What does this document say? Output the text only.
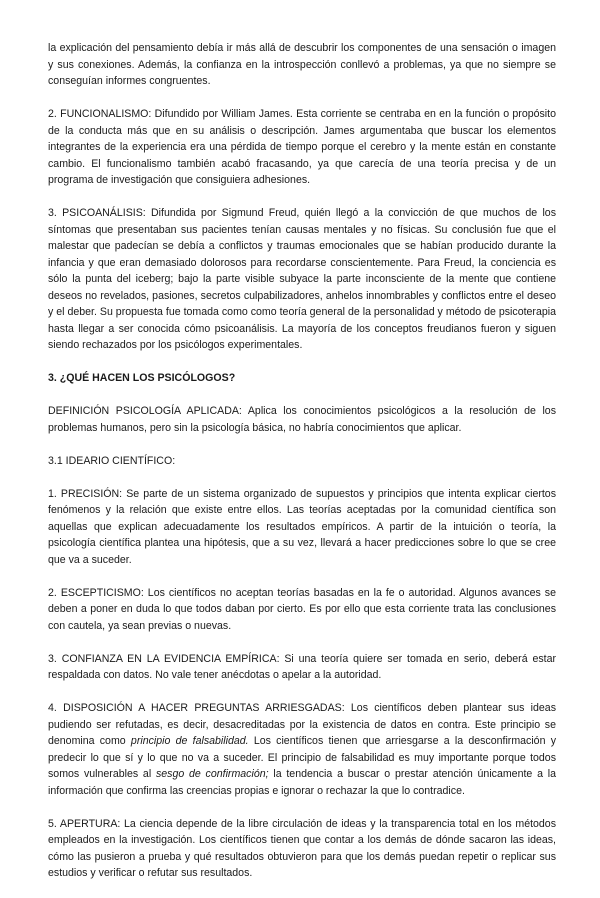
la explicación del pensamiento debía ir más allá de descubrir los componentes de una sensación o imagen y sus conexiones. Además, la confianza en la introspección conllevó a problemas, ya que no siempre se conseguían informes congruentes.

2. FUNCIONALISMO: Difundido por William James. Esta corriente se centraba en en la función o propósito de la conducta más que en su análisis o descripción. James argumentaba que buscar los elementos integrantes de la experiencia era una pérdida de tiempo porque el cerebro y la mente están en constante cambio. El funcionalismo también acabó fracasando, ya que carecía de una teoría precisa y de un programa de investigación que consiguiera adhesiones.

3. PSICOANÁLISIS: Difundida por Sigmund Freud, quién llegó a la convicción de que muchos de los síntomas que presentaban sus pacientes tenían causas mentales y no físicas. Su conclusión fue que el malestar que padecían se debía a conflictos y traumas emocionales que se habían producido durante la infancia y que eran demasiado dolorosos para recordarse conscientemente. Para Freud, la conciencia es sólo la punta del iceberg; bajo la parte visible subyace la parte inconsciente de la mente que contiene deseos no revelados, pasiones, secretos culpabilizadores, anhelos innombrables y conflictos entre el deseo y el deber. Su propuesta fue tomada como como teoría general de la personalidad y método de psicoterapia hasta llegar a ser conocida cómo psicoanálisis. La mayoría de los conceptos freudianos fueron y siguen siendo rechazados por los psicólogos experimentales.

3. ¿QUÉ HACEN LOS PSICÓLOGOS?

DEFINICIÓN PSICOLOGÍA APLICADA: Aplica los conocimientos psicológicos a la resolución de los problemas humanos, pero sin la psicología básica, no habría conocimientos que aplicar.

3.1 IDEARIO CIENTÍFICO:

1. PRECISIÓN: Se parte de un sistema organizado de supuestos y principios que intenta explicar ciertos fenómenos y la relación que existe entre ellos. Las teorías aceptadas por la comunidad científica son aquellas que explican adecuadamente los resultados empíricos. A partir de la intuición o teoría, la psicología científica plantea una hipótesis, que a su vez, llevará a hacer predicciones sobre lo que se cree que va a suceder.

2. ESCEPTICISMO: Los científicos no aceptan teorías basadas en la fe o autoridad. Algunos avances se deben a poner en duda lo que todos daban por cierto. Es por ello que esta corriente trata las conclusiones con cautela, ya sean previas o nuevas.

3. CONFIANZA EN LA EVIDENCIA EMPÍRICA: Si una teoría quiere ser tomada en serio, deberá estar respaldada con datos. No vale tener anécdotas o apelar a la autoridad.

4. DISPOSICIÓN A HACER PREGUNTAS ARRIESGADAS: Los científicos deben plantear sus ideas pudiendo ser refutadas, es decir, desacreditadas por la existencia de datos en contra. Este principio se denomina como principio de falsabilidad. Los científicos tienen que arriesgarse a la desconfirmación y predecir lo que sí y lo que no va a suceder. El principio de falsabilidad es muy importante porque todos somos vulnerables al sesgo de confirmación; la tendencia a buscar o prestar atención únicamente a la información que confirma las creencias propias e ignorar o rechazar la que lo contradice.

5. APERTURA: La ciencia depende de la libre circulación de ideas y la transparencia total en los métodos empleados en la investigación. Los científicos tienen que contar a los demás de dónde sacaron las ideas, cómo las pusieron a prueba y qué resultados obtuvieron para que los demás puedan repetir o replicar sus estudios y verificar o refutar sus resultados.
